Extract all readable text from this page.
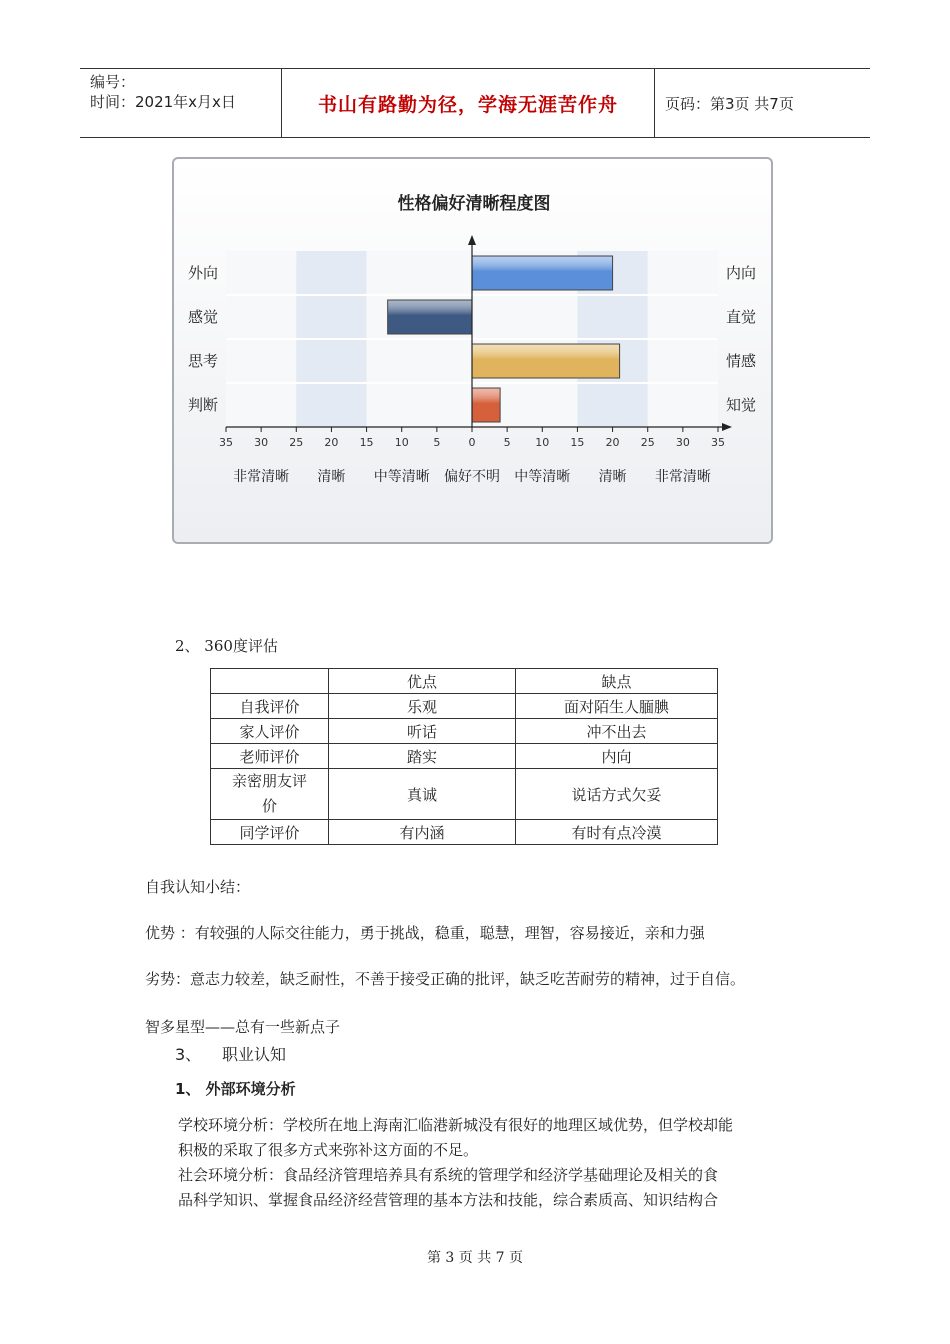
编号：
时间：2021年x月x日	书山有路勤为径，学海无涯苦作舟	页码：第3页 共7页
性格偏好清晰程度图
35 30 25 20 15 10 5	0	5 10 15 20 25 30 35
非常清晰 清晰 中等清晰 偏好不明 中等清晰 清晰 非常清晰
外向	内向
感觉	直觉
思考	情感
判断	知觉
2、 360度评估
	优点	缺点
自我评价	乐观	面对陌生人腼腆
家人评价	听话	冲不出去
老师评价	踏实	内向
亲密朋友评价	真诚	说话方式欠妥
同学评价	有内涵	有时有点冷漠
自我认知小结：
优势 ：有较强的人际交往能力，勇于挑战，稳重，聪慧，理智，容易接近，亲和力强
劣势：意志力较差，缺乏耐性，不善于接受正确的批评，缺乏吃苦耐劳的精神，过于自信。
智多星型——总有一些新点子
3、 职业认知
1、 外部环境分析
学校环境分析：学校所在地上海南汇临港新城没有很好的地理区域优势，但学校却能
积极的采取了很多方式来弥补这方面的不足。
社会环境分析：食品经济管理培养具有系统的管理学和经济学基础理论及相关的食
品科学知识、掌握食品经济经营管理的基本方法和技能，综合素质高、知识结构合
第 3 页 共 7 页
